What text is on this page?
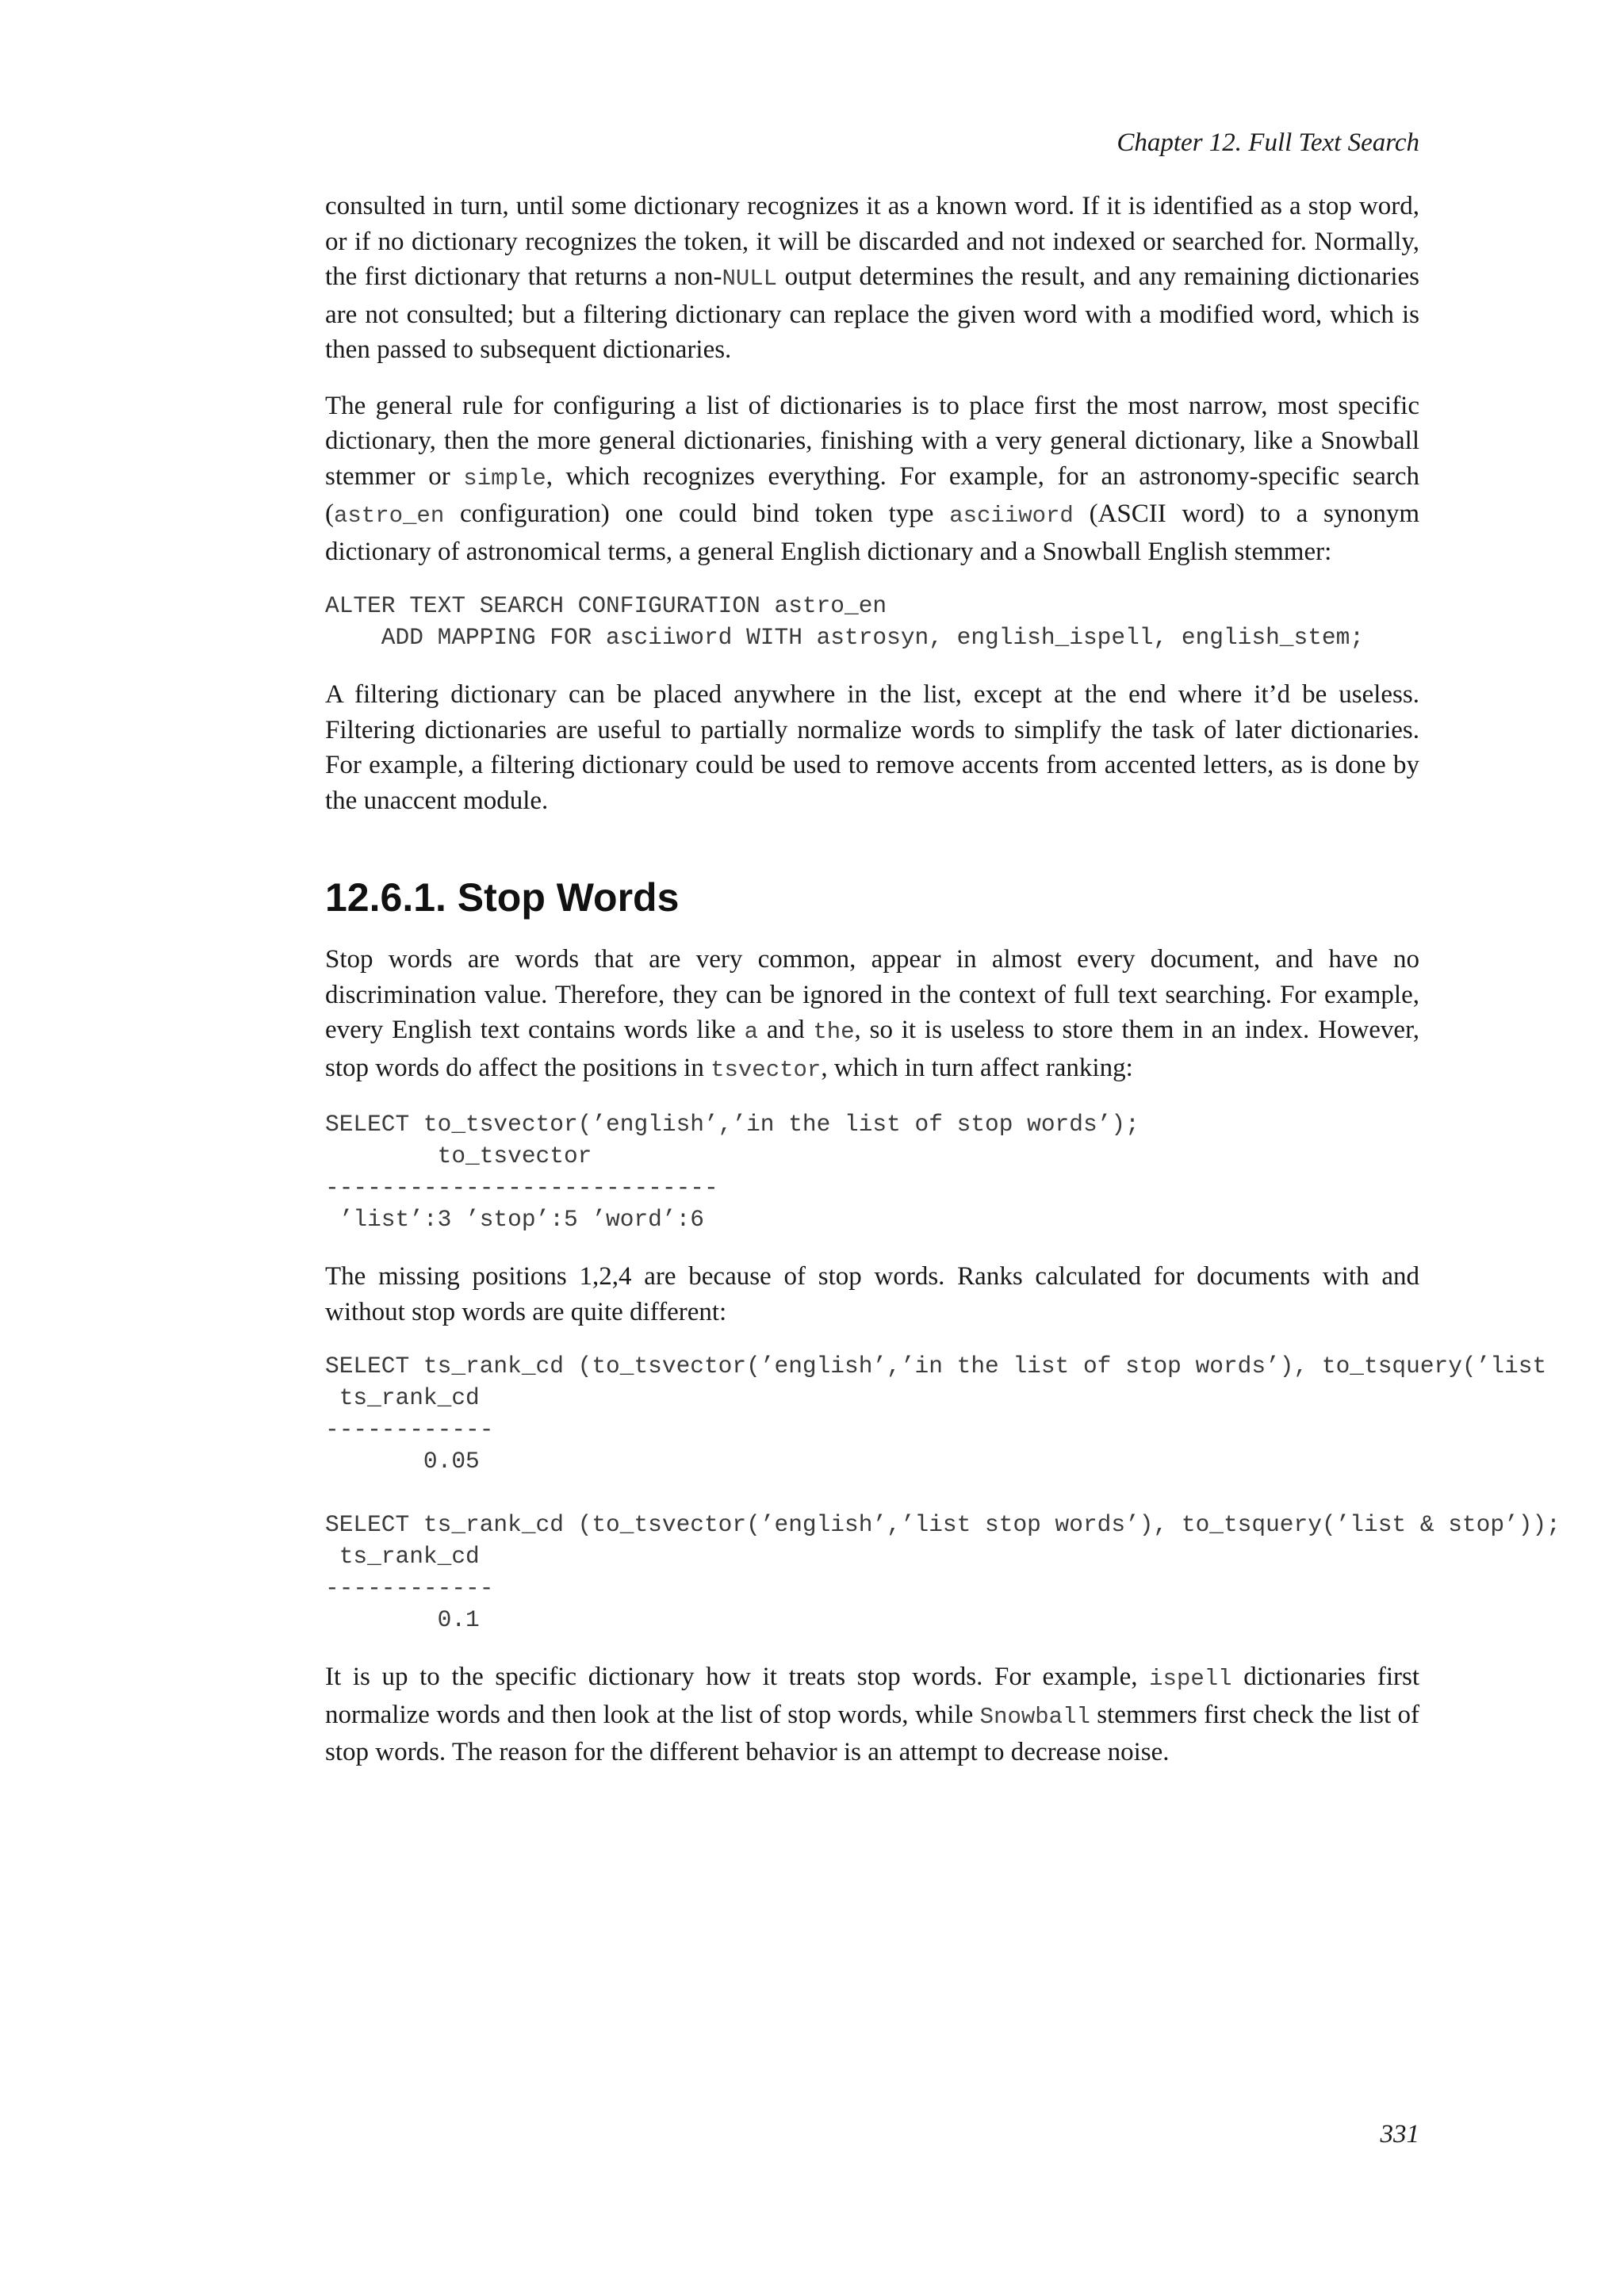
Chapter 12. Full Text Search

consulted in turn, until some dictionary recognizes it as a known word. If it is identified as a stop word, or if no dictionary recognizes the token, it will be discarded and not indexed or searched for. Normally, the first dictionary that returns a non-NULL output determines the result, and any remaining dictionaries are not consulted; but a filtering dictionary can replace the given word with a modified word, which is then passed to subsequent dictionaries.

The general rule for configuring a list of dictionaries is to place first the most narrow, most specific dictionary, then the more general dictionaries, finishing with a very general dictionary, like a Snowball stemmer or simple, which recognizes everything. For example, for an astronomy-specific search (astro_en configuration) one could bind token type asciiword (ASCII word) to a synonym dictionary of astronomical terms, a general English dictionary and a Snowball English stemmer:

ALTER TEXT SEARCH CONFIGURATION astro_en
ADD MAPPING FOR asciiword WITH astrosyn, english_ispell, english_stem;

A filtering dictionary can be placed anywhere in the list, except at the end where it’d be useless. Filtering dictionaries are useful to partially normalize words to simplify the task of later dictionaries. For example, a filtering dictionary could be used to remove accents from accented letters, as is done by the unaccent module.

12.6.1. Stop Words

Stop words are words that are very common, appear in almost every document, and have no discrimination value. Therefore, they can be ignored in the context of full text searching. For example, every English text contains words like a and the, so it is useless to store them in an index. However, stop words do affect the positions in tsvector, which in turn affect ranking:

SELECT to_tsvector(’english’,’in the list of stop words’);
to_tsvector
----------------------------
’list’:3 ’stop’:5 ’word’:6

The missing positions 1,2,4 are because of stop words. Ranks calculated for documents with and without stop words are quite different:

SELECT ts_rank_cd (to_tsvector(’english’,’in the list of stop words’), to_tsquery(’list
ts_rank_cd
------------
0.05

SELECT ts_rank_cd (to_tsvector(’english’,’list stop words’), to_tsquery(’list & stop’));
ts_rank_cd
------------
0.1

It is up to the specific dictionary how it treats stop words. For example, ispell dictionaries first normalize words and then look at the list of stop words, while Snowball stemmers first check the list of stop words. The reason for the different behavior is an attempt to decrease noise.

331
